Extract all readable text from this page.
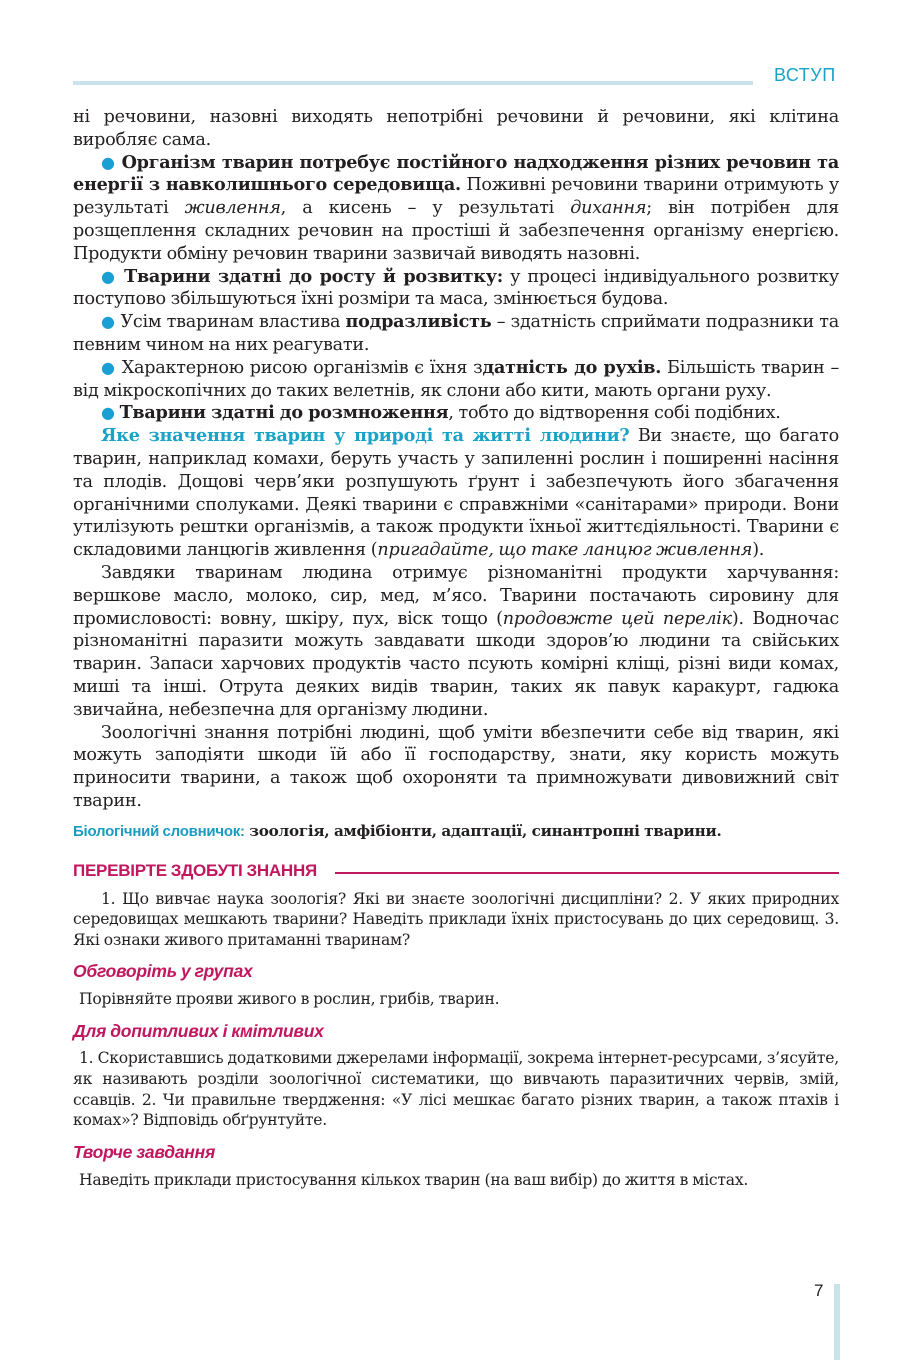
ВСТУП

ні речовини, назовні виходять непотрібні речовини й речовини, які клітина виробляє сама.

● Організм тварин потребує постійного надходження різних речовин та енергії з навколишнього середовища. Поживні речовини тварини отримують у результаті живлення, а кисень – у результаті дихання; він потрібен для розщеплення складних речовин на простіші й забезпечення організму енергією. Продукти обміну речовин тварини зазвичай виводять назовні.

● Тварини здатні до росту й розвитку: у процесі індивідуального розвитку поступово збільшуються їхні розміри та маса, змінюється будова.

● Усім тваринам властива подразливість – здатність сприймати подразники та певним чином на них реагувати.

● Характерною рисою організмів є їхня здатність до рухів. Більшість тварин – від мікроскопічних до таких велетнів, як слони або кити, мають органи руху.

● Тварини здатні до розмноження, тобто до відтворення собі подібних.

Яке значення тварин у природі та житті людини? Ви знаєте, що багато тварин, наприклад комахи, беруть участь у запиленні рослин і поширенні насіння та плодів. Дощові черв’яки розпушують ґрунт і забезпечують його збагачення органічними сполуками. Деякі тварини є справжніми «санітарами» природи. Вони утилізують рештки організмів, а також продукти їхньої життєдіяльності. Тварини є складовими ланцюгів живлення (пригадайте, що таке ланцюг живлення).

Завдяки тваринам людина отримує різноманітні продукти харчування: вершкове масло, молоко, сир, мед, м’ясо. Тварини постачають сировину для промисловості: вовну, шкіру, пух, віск тощо (продовжте цей перелік). Водночас різноманітні паразити можуть завдавати шкоди здоров’ю людини та свійських тварин. Запаси харчових продуктів часто псують комірні кліщі, різні види комах, миші та інші. Отрута деяких видів тварин, таких як павук каракурт, гадюка звичайна, небезпечна для організму людини.

Зоологічні знання потрібні людині, щоб уміти вбезпечити себе від тварин, які можуть заподіяти шкоди їй або її господарству, знати, яку користь можуть приносити тварини, а також щоб охороняти та примножувати дивовижний світ тварин.

Біологічний словничок: зоологія, амфібіонти, адаптації, синантропні тварини.

ПЕРЕВІРТЕ ЗДОБУТІ ЗНАННЯ

1. Що вивчає наука зоологія? Які ви знаєте зоологічні дисципліни? 2. У яких природних середовищах мешкають тварини? Наведіть приклади їхніх пристосувань до цих середовищ. 3. Які ознаки живого притаманні тваринам?

Обговоріть у групах

Порівняйте прояви живого в рослин, грибів, тварин.

Для допитливих і кмітливих

1. Скориставшись додатковими джерелами інформації, зокрема інтернет-ресурсами, з’ясуйте, як називають розділи зоологічної систематики, що вивчають паразитичних червів, змій, ссавців. 2. Чи правильне твердження: «У лісі мешкає багато різних тварин, а також птахів і комах»? Відповідь обґрунтуйте.

Творче завдання

Наведіть приклади пристосування кількох тварин (на ваш вибір) до життя в містах.

7
